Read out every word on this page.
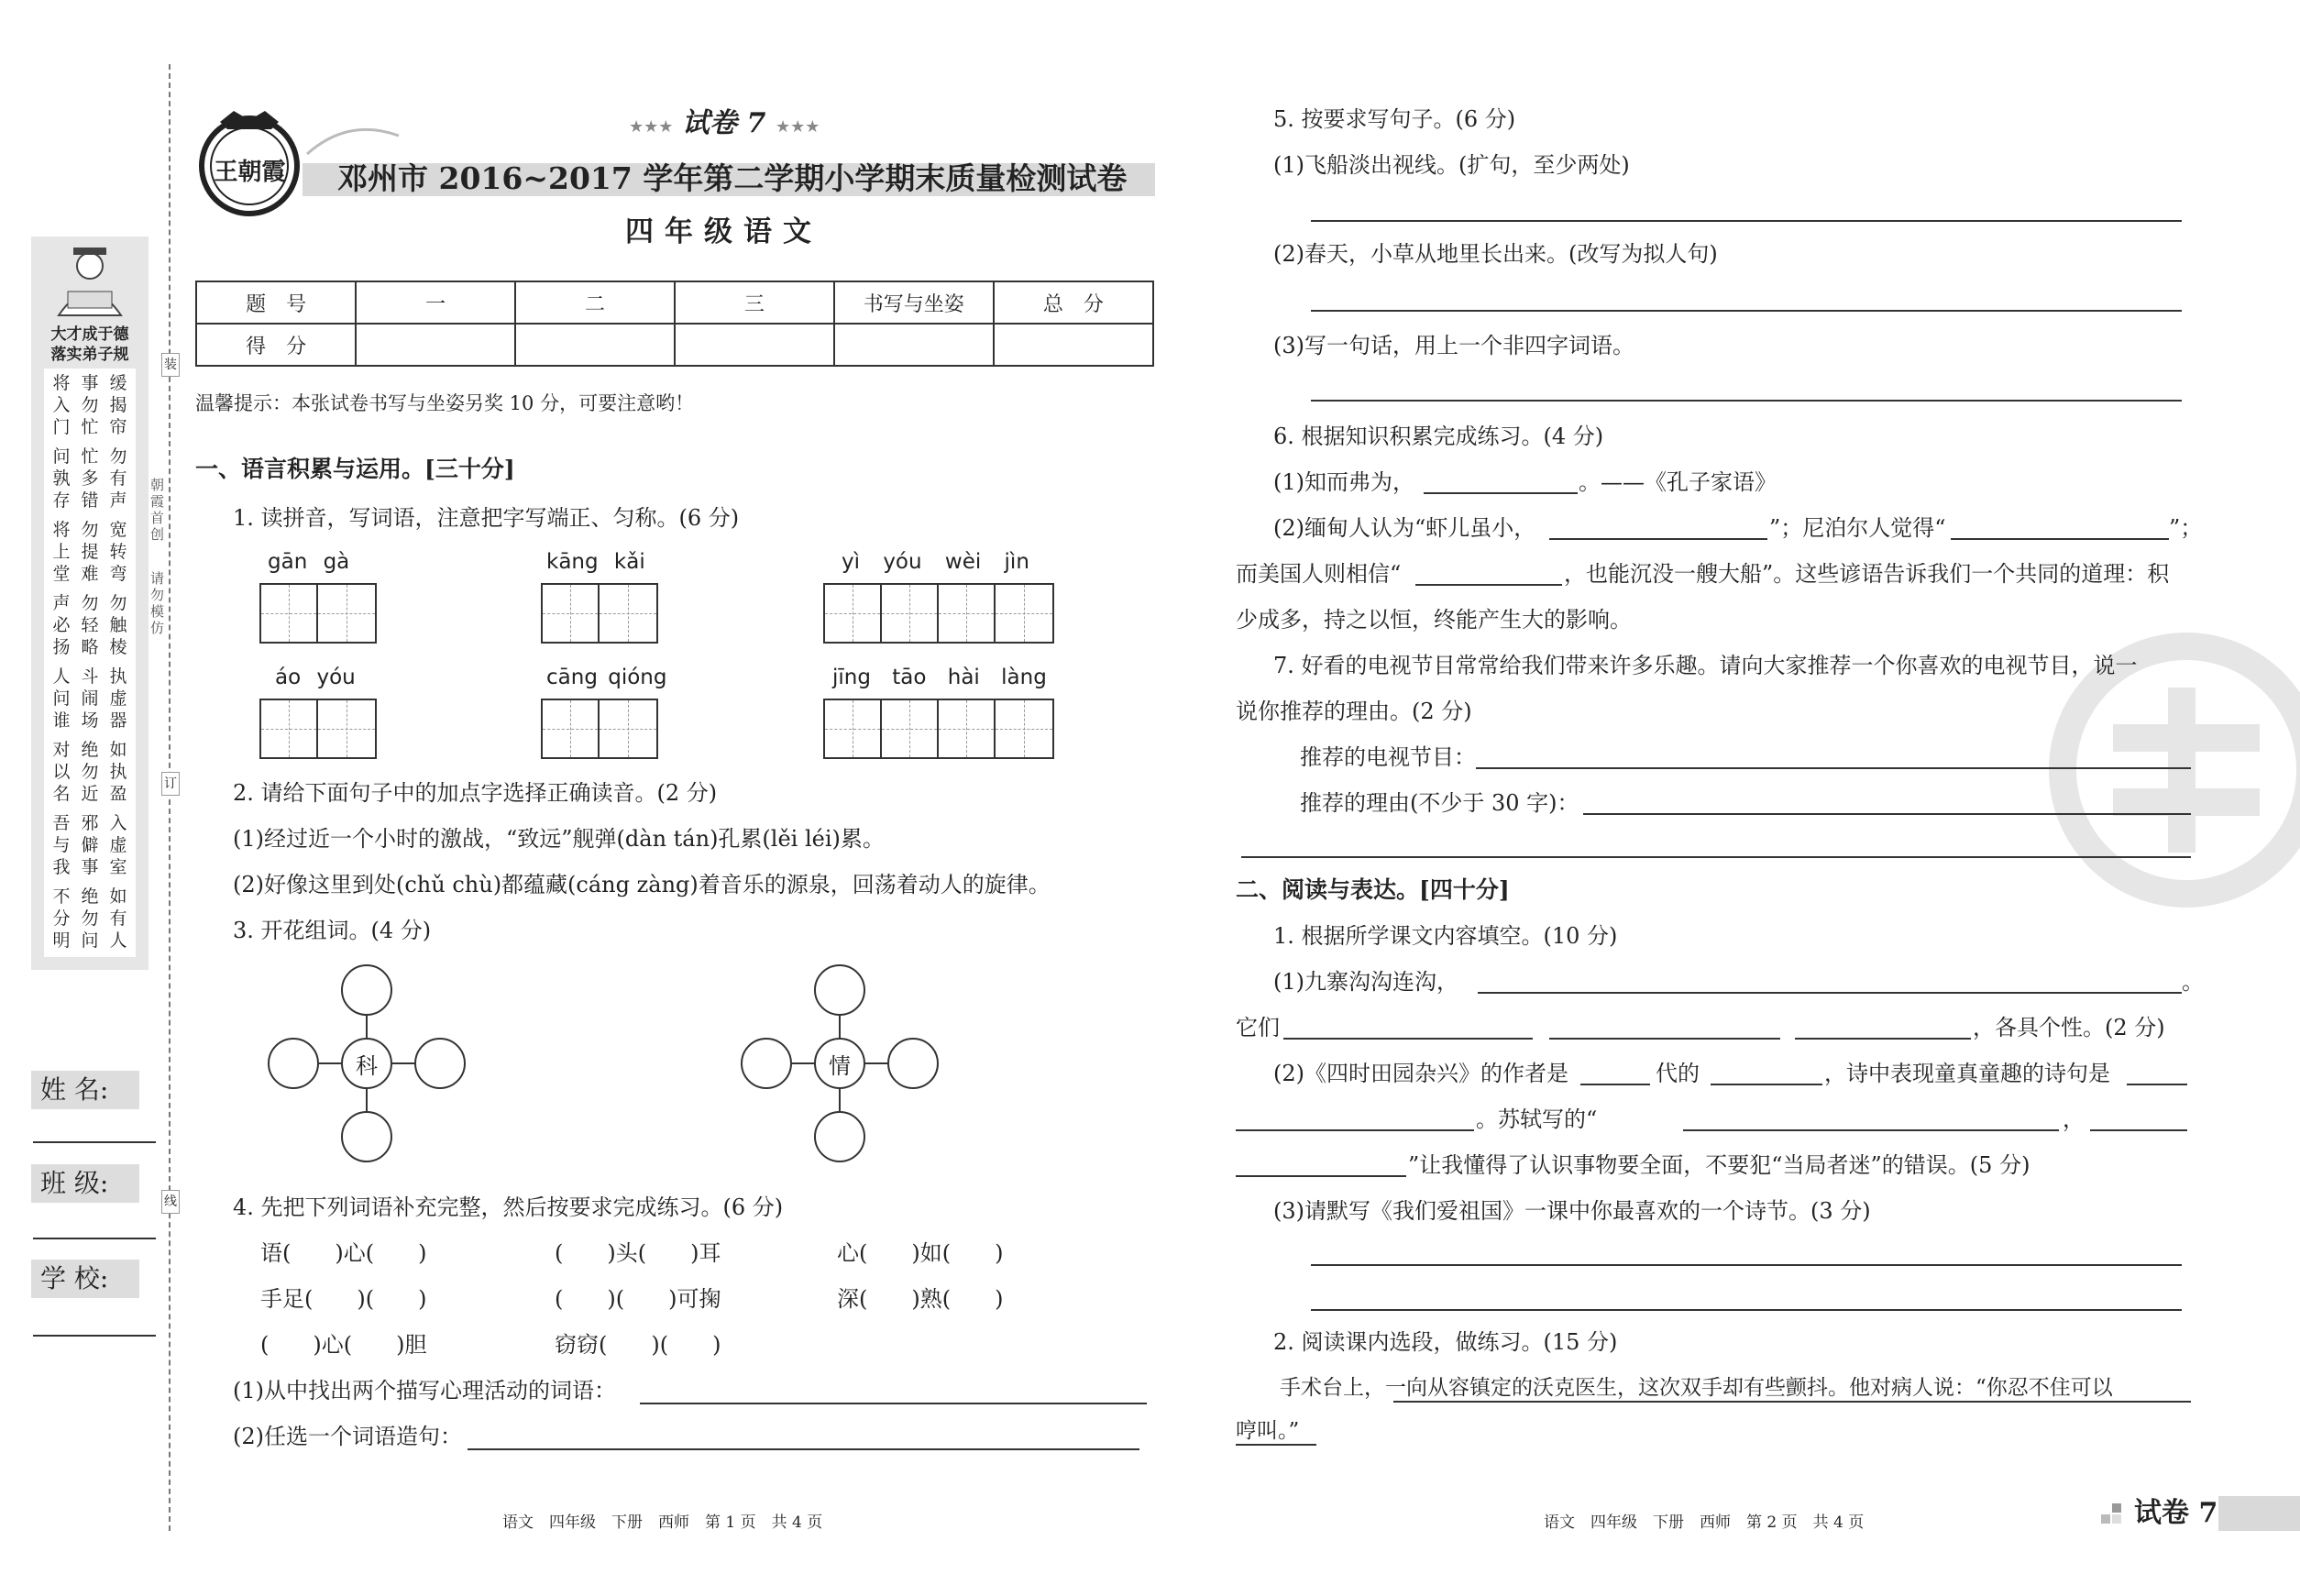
装
订
线
朝霞首创
请勿模仿
大才成于德
落实弟子规
将入门
事勿忙
缓揭帘
问孰存
忙多错
勿有声
将上堂
勿提难
宽转弯
声必扬
勿轻略
勿触棱
人问谁
斗闹场
执虚器
对以名
绝勿近
如执盈
吾与我
邪僻事
入虚室
不分明
绝勿问
如有人
姓 名:
班 级:
学 校:
王朝霞
★★★ 试卷 7 ★★★
邓州市 2016~2017 学年第二学期小学期末质量检测试卷
四年级语文
题　号	一	二	三	书写与坐姿	总　分
得　分					
温馨提示：本张试卷书写与坐姿另奖 10 分，可要注意哟！
一、语言积累与运用。[三十分]
1. 读拼音，写词语，注意把字写端正、匀称。(6 分)
gān gà	kāng kǎi	yì yóu wèi jìn
áo yóu	cāng qióng	jīng tāo hài làng
2. 请给下面句子中的加点字选择正确读音。(2 分)
(1)经过近一个小时的激战，“致远”舰弹(dàn tán)孔累(lěi léi)累。
(2)好像这里到处(chǔ chù)都蕴藏(cáng zàng)着音乐的源泉，回荡着动人的旋律。
3. 开花组词。(4 分)
科	情
4. 先把下列词语补充完整，然后按要求完成练习。(6 分)
语(　　)心(　　)	(　　)头(　　)耳	心(　　)如(　　)
手足(　　)(　　)	(　　)(　　)可掬	深(　　)熟(　　)
(　　)心(　　)胆	窃窃(　　)(　　)
(1)从中找出两个描写心理活动的词语：
(2)任选一个词语造句：
语文　四年级　下册　西师　第 1 页　共 4 页
5. 按要求写句子。(6 分)
(1)飞船淡出视线。(扩句，至少两处)
(2)春天，小草从地里长出来。(改写为拟人句)
(3)写一句话，用上一个非四字词语。
6. 根据知识积累完成练习。(4 分)
(1)知而弗为，	。——《孔子家语》
(2)缅甸人认为“虾儿虽小，	”；尼泊尔人觉得“	”；
而美国人则相信“	，也能沉没一艘大船”。这些谚语告诉我们一个共同的道理：积
少成多，持之以恒，终能产生大的影响。
7. 好看的电视节目常常给我们带来许多乐趣。请向大家推荐一个你喜欢的电视节目，说一
说你推荐的理由。(2 分)
推荐的电视节目：
推荐的理由(不少于 30 字)：
二、阅读与表达。[四十分]
1. 根据所学课文内容填空。(10 分)
(1)九寨沟沟连沟，	。
它们	，各具个性。(2 分)
(2)《四时田园杂兴》的作者是	代的	，诗中表现童真童趣的诗句是
。苏轼写的“	，
”让我懂得了认识事物要全面，不要犯“当局者迷”的错误。(5 分)
(3)请默写《我们爱祖国》一课中你最喜欢的一个诗节。(3 分)
2. 阅读课内选段，做练习。(15 分)
手术台上，一向从容镇定的沃克医生，这次双手却有些颤抖。他对病人说：“你忍不住可以
哼叫。”
语文　四年级　下册　西师　第 2 页　共 4 页	试卷 7
